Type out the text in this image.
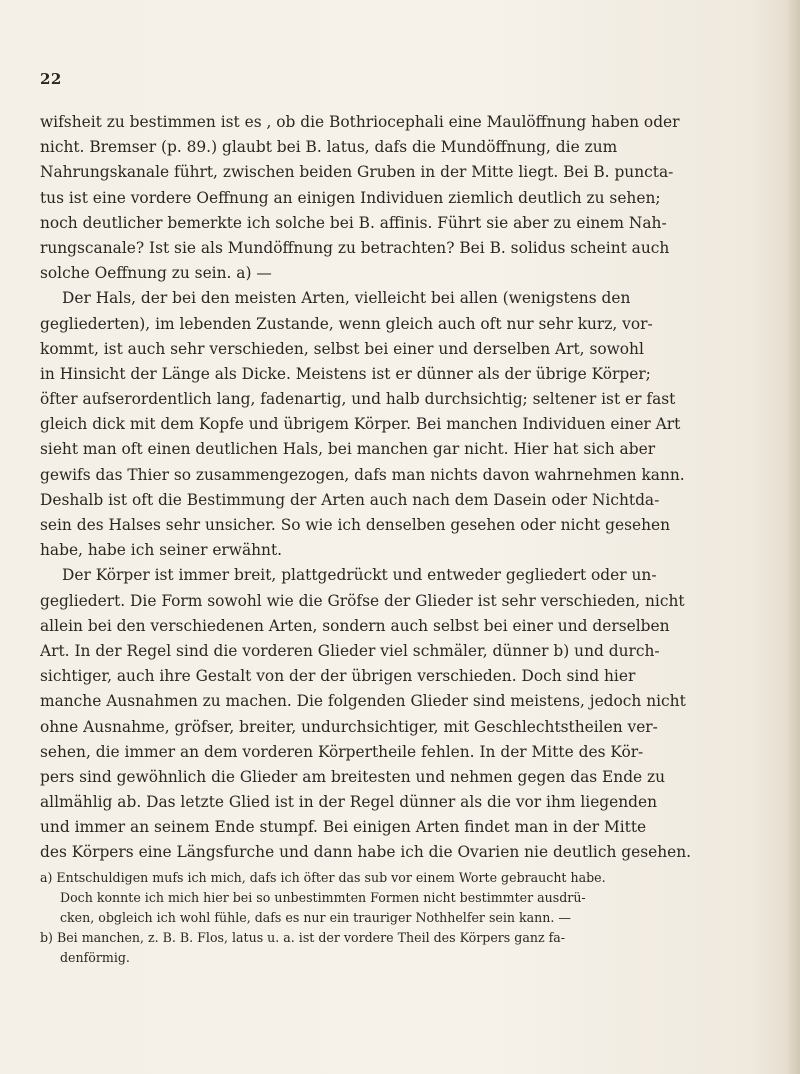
22
wifsheit zu bestimmen ist es , ob die Bothriocephali eine Maulöffnung haben oder
nicht. Bremser (p. 89.) glaubt bei B. latus, dafs die Mundöffnung, die zum
Nahrungskanale führt, zwischen beiden Gruben in der Mitte liegt. Bei B. puncta-
tus ist eine vordere Oeffnung an einigen Individuen ziemlich deutlich zu sehen;
noch deutlicher bemerkte ich solche bei B. affinis. Führt sie aber zu einem Nah-
rungscanale? Ist sie als Mundöffnung zu betrachten? Bei B. solidus scheint auch
solche Oeffnung zu sein. a) —
Der Hals, der bei den meisten Arten, vielleicht bei allen (wenigstens den
gegliederten), im lebenden Zustande, wenn gleich auch oft nur sehr kurz, vor-
kommt, ist auch sehr verschieden, selbst bei einer und derselben Art, sowohl
in Hinsicht der Länge als Dicke. Meistens ist er dünner als der übrige Körper;
öfter aufserordentlich lang, fadenartig, und halb durchsichtig; seltener ist er fast
gleich dick mit dem Kopfe und übrigem Körper. Bei manchen Individuen einer Art
sieht man oft einen deutlichen Hals, bei manchen gar nicht. Hier hat sich aber
gewifs das Thier so zusammengezogen, dafs man nichts davon wahrnehmen kann.
Deshalb ist oft die Bestimmung der Arten auch nach dem Dasein oder Nichtda-
sein des Halses sehr unsicher. So wie ich denselben gesehen oder nicht gesehen
habe, habe ich seiner erwähnt.
Der Körper ist immer breit, plattgedrückt und entweder gegliedert oder un-
gegliedert. Die Form sowohl wie die Gröfse der Glieder ist sehr verschieden, nicht
allein bei den verschiedenen Arten, sondern auch selbst bei einer und derselben
Art. In der Regel sind die vorderen Glieder viel schmäler, dünner b) und durch-
sichtiger, auch ihre Gestalt von der der übrigen verschieden. Doch sind hier
manche Ausnahmen zu machen. Die folgenden Glieder sind meistens, jedoch nicht
ohne Ausnahme, gröfser, breiter, undurchsichtiger, mit Geschlechtstheilen ver-
sehen, die immer an dem vorderen Körpertheile fehlen. In der Mitte des Kör-
pers sind gewöhnlich die Glieder am breitesten und nehmen gegen das Ende zu
allmählig ab. Das letzte Glied ist in der Regel dünner als die vor ihm liegenden
und immer an seinem Ende stumpf. Bei einigen Arten findet man in der Mitte
des Körpers eine Längsfurche und dann habe ich die Ovarien nie deutlich gesehen.
a) Entschuldigen mufs ich mich, dafs ich öfter das sub vor einem Worte gebraucht habe.
Doch konnte ich mich hier bei so unbestimmten Formen nicht bestimmter ausdrü-
cken, obgleich ich wohl fühle, dafs es nur ein trauriger Nothhelfer sein kann. —
b) Bei manchen, z. B. B. Flos, latus u. a. ist der vordere Theil des Körpers ganz fa-
denförmig.
